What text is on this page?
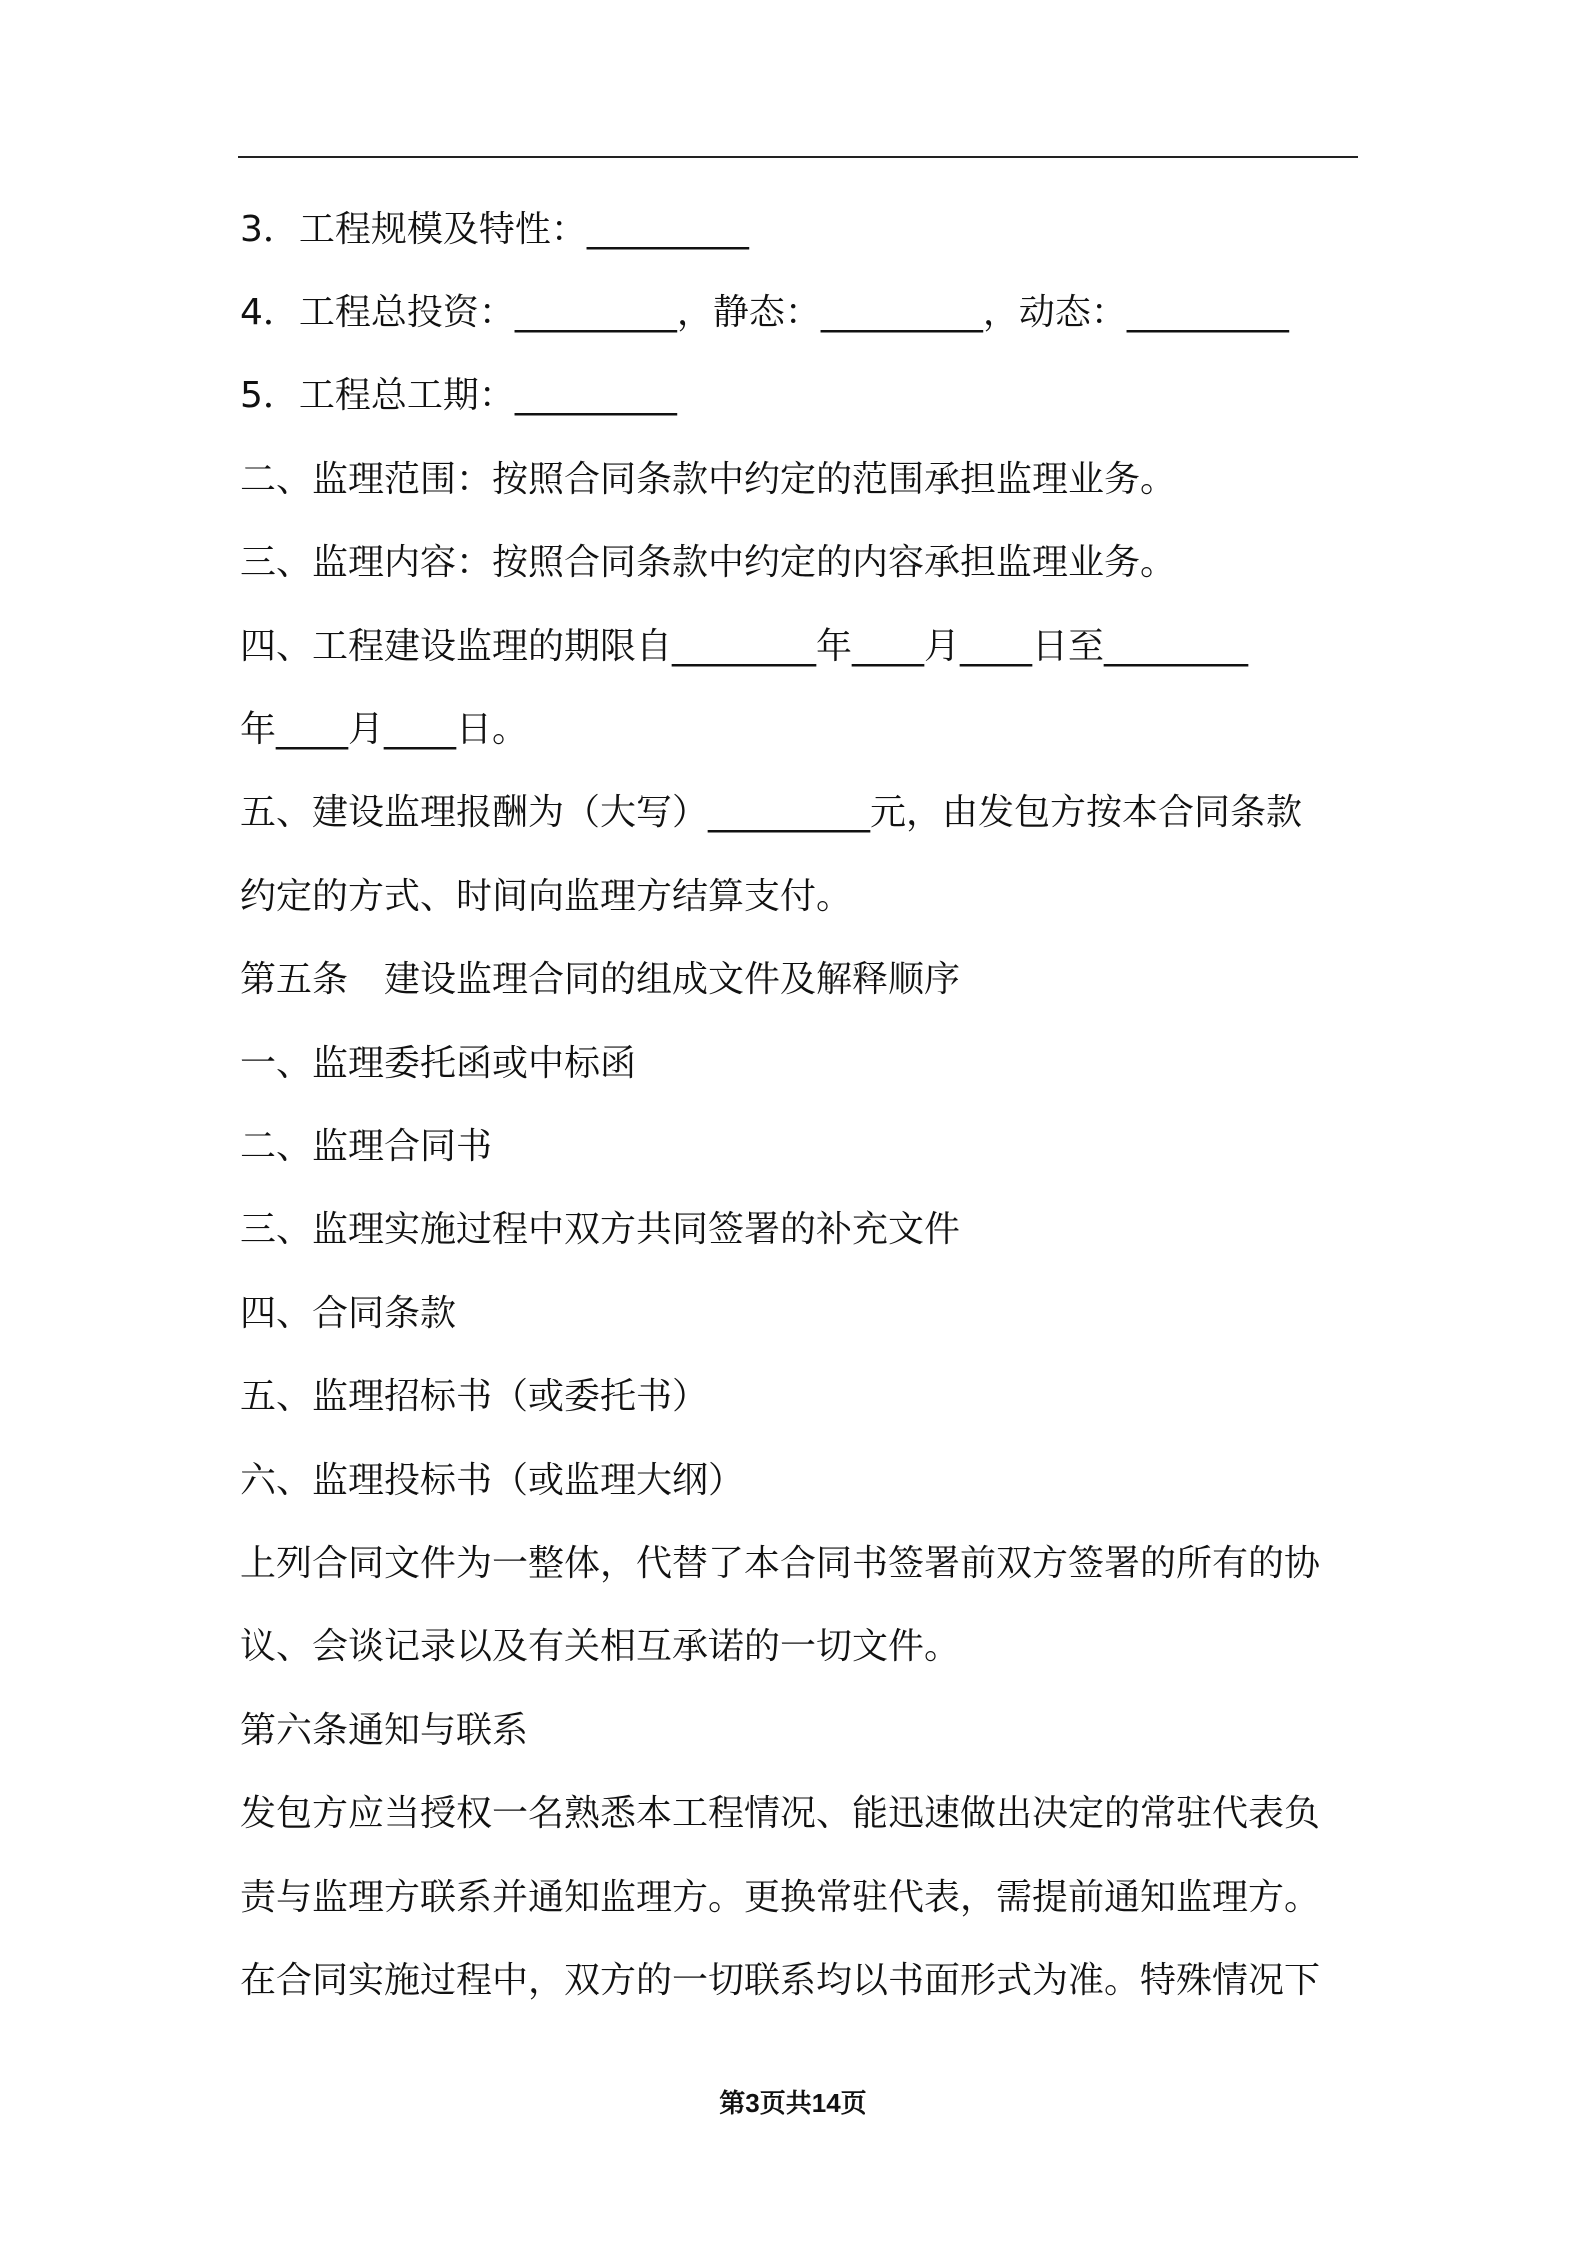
3．工程规模及特性：_________
4．工程总投资：_________，静态：_________，动态：_________
5．工程总工期：_________
二、监理范围：按照合同条款中约定的范围承担监理业务。
三、监理内容：按照合同条款中约定的内容承担监理业务。
四、工程建设监理的期限自________年____月____日至________
年____月____日。
五、建设监理报酬为（大写）_________元，由发包方按本合同条款
约定的方式、时间向监理方结算支付。
第五条　建设监理合同的组成文件及解释顺序
一、监理委托函或中标函
二、监理合同书
三、监理实施过程中双方共同签署的补充文件
四、合同条款
五、监理招标书（或委托书）
六、监理投标书（或监理大纲）
上列合同文件为一整体，代替了本合同书签署前双方签署的所有的协
议、会谈记录以及有关相互承诺的一切文件。
第六条通知与联系
发包方应当授权一名熟悉本工程情况、能迅速做出决定的常驻代表负
责与监理方联系并通知监理方。更换常驻代表，需提前通知监理方。
在合同实施过程中，双方的一切联系均以书面形式为准。特殊情况下
第3页共14页
